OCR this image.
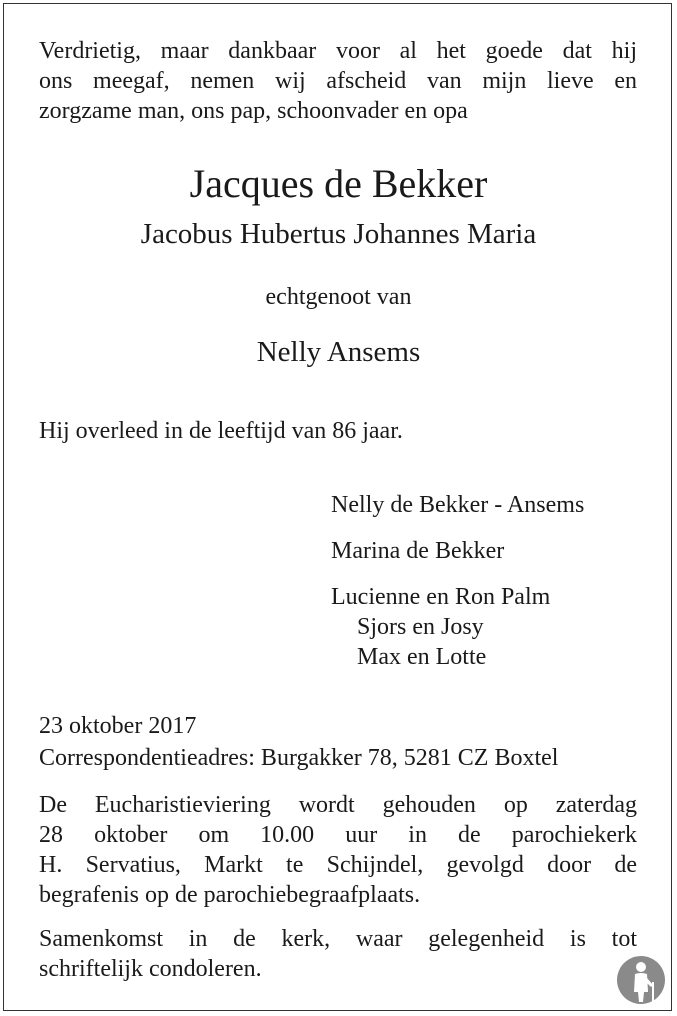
Verdrietig, maar dankbaar voor al het goede dat hij
ons meegaf, nemen wij afscheid van mijn lieve en
zorgzame man, ons pap, schoonvader en opa
Jacques de Bekker
Jacobus Hubertus Johannes Maria
echtgenoot van
Nelly Ansems
Hij overleed in de leeftijd van 86 jaar.
Nelly de Bekker - Ansems
Marina de Bekker
Lucienne en Ron Palm
Sjors en Josy
Max en Lotte
23 oktober 2017
Correspondentieadres: Burgakker 78, 5281 CZ Boxtel
De Eucharistieviering wordt gehouden op zaterdag
28 oktober om 10.00 uur in de parochiekerk
H. Servatius, Markt te Schijndel, gevolgd door de
begrafenis op de parochiebegraafplaats.
Samenkomst in de kerk, waar gelegenheid is tot
schriftelijk condoleren.
